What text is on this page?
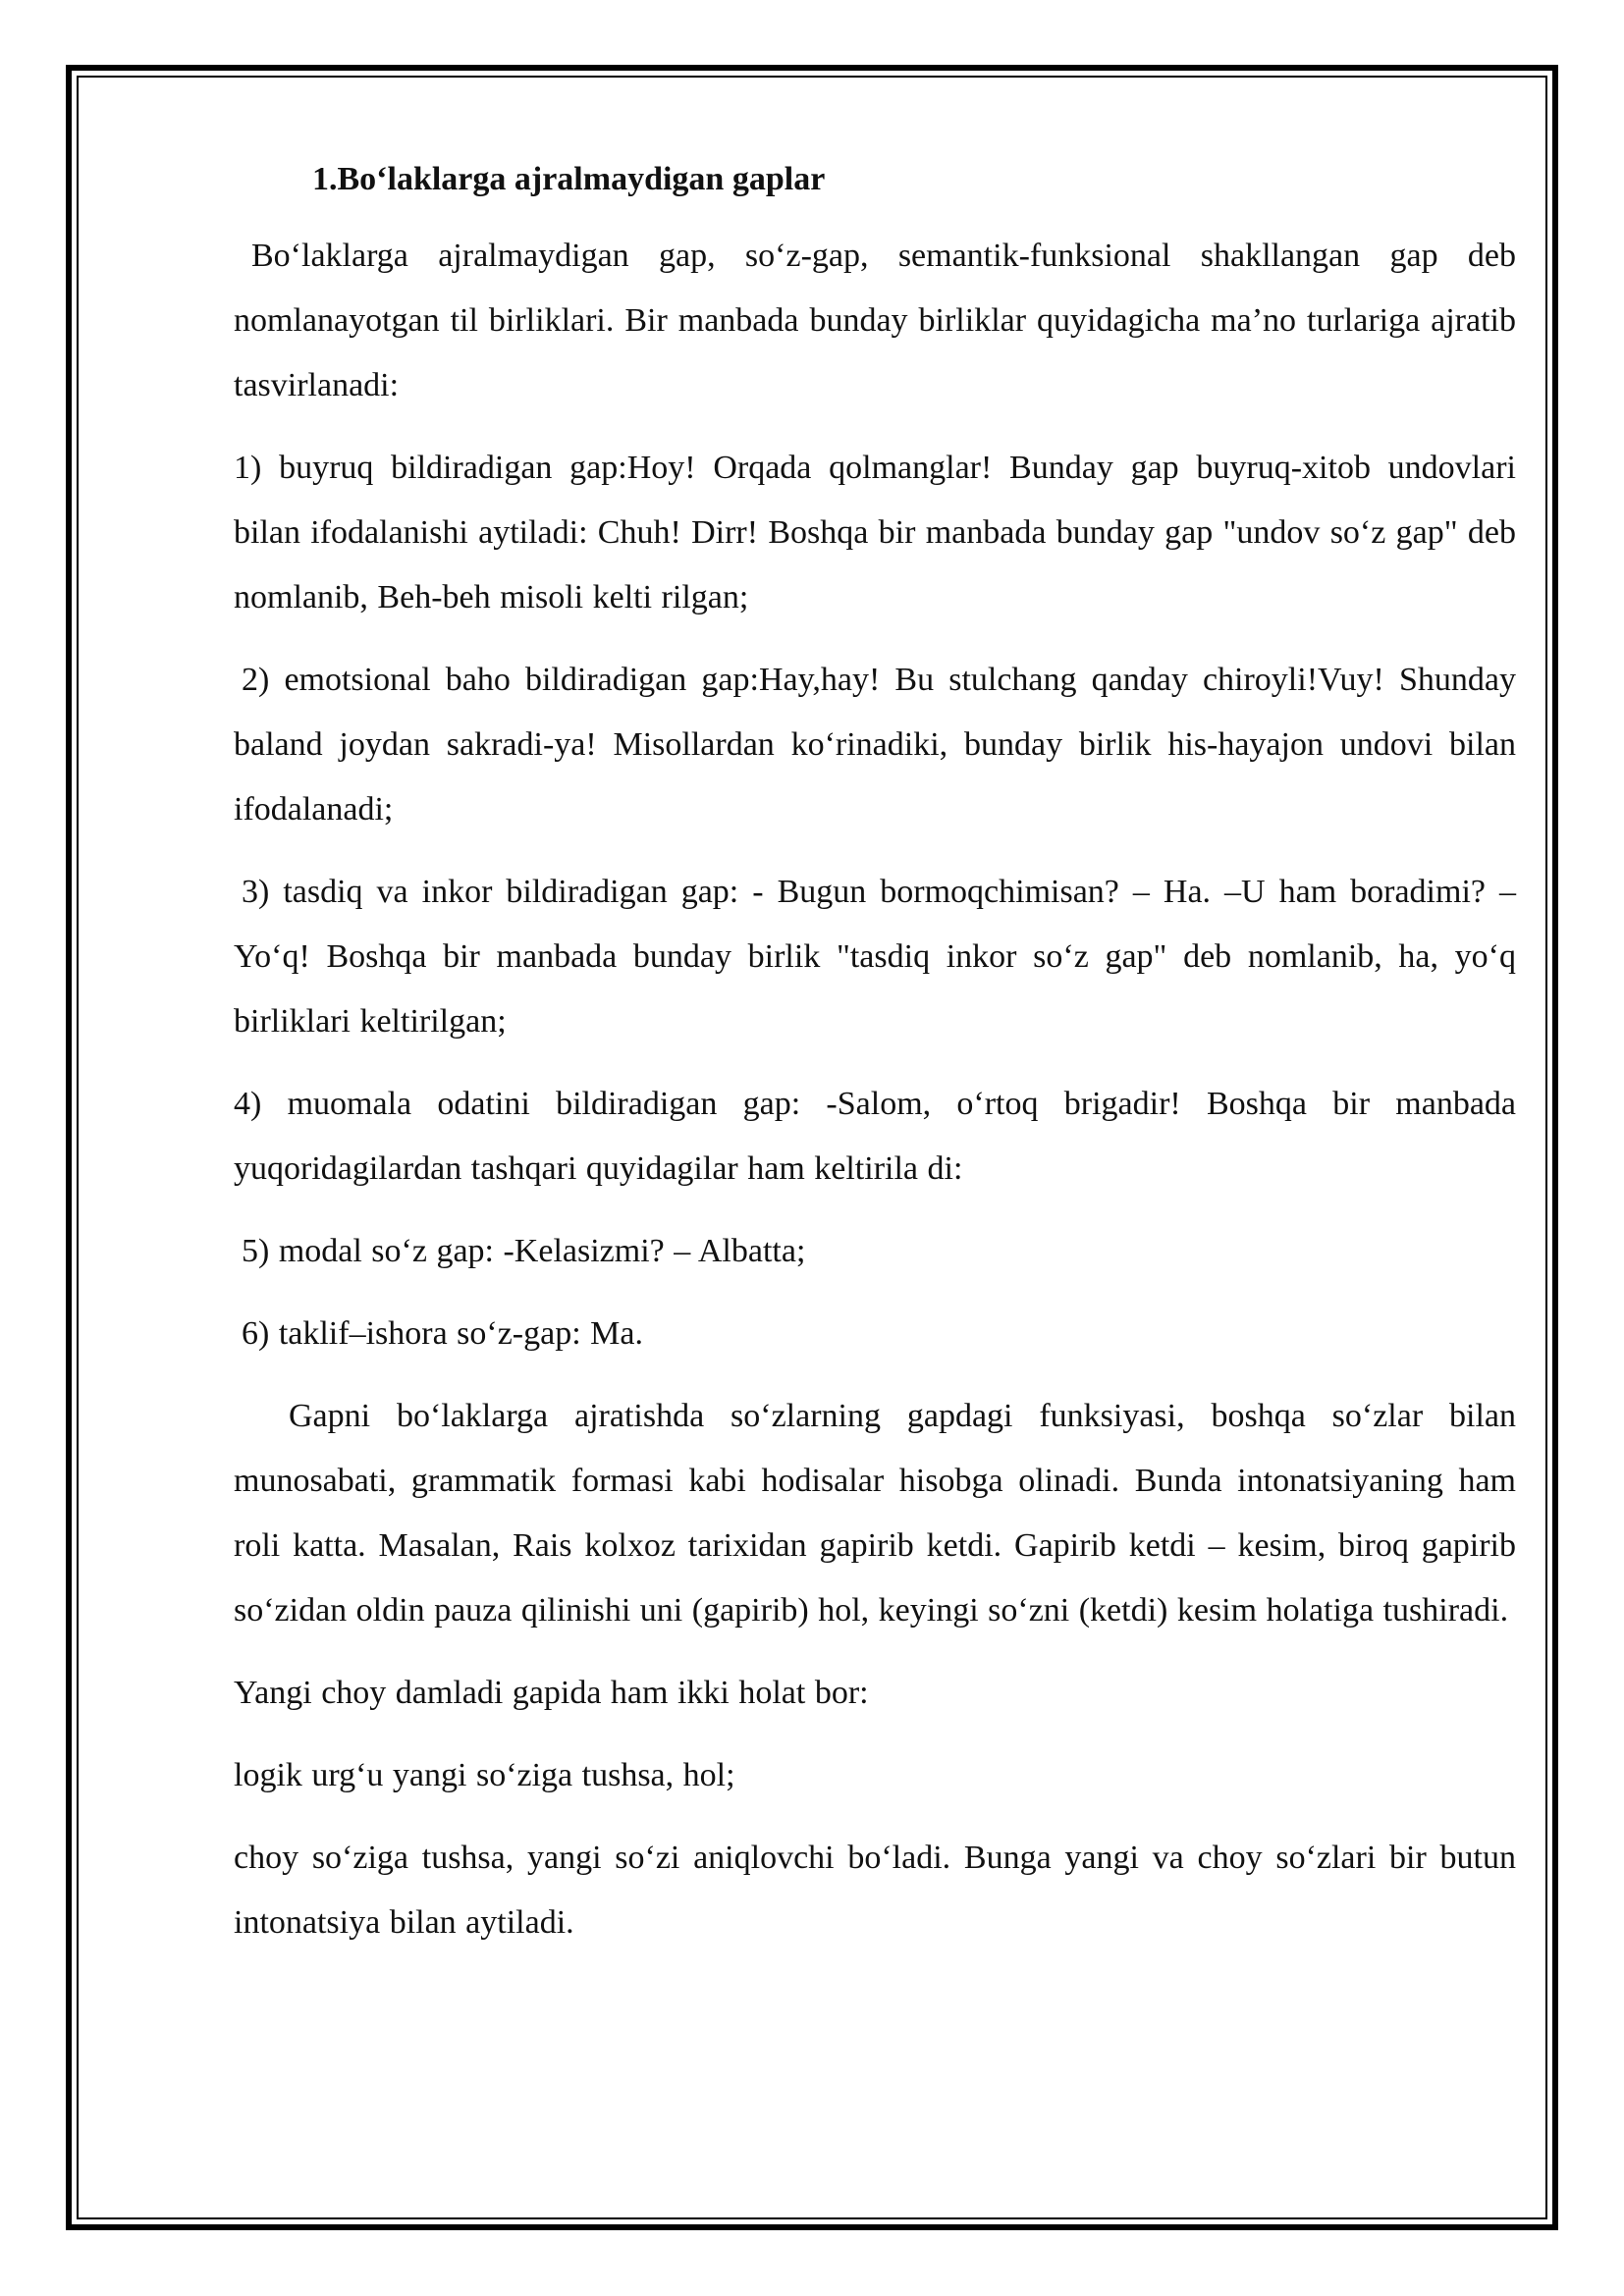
1.Bo‘laklarga ajralmaydigan gaplar

Bo‘laklarga ajralmaydigan gap, so‘z-gap, semantik-funksional shakllangan gap deb nomlanayotgan til birliklari. Bir manbada bunday birliklar quyidagicha ma’no turlariga ajratib tasvirlanadi:

1) buyruq bildiradigan gap:Hoy! Orqada qolmanglar! Bunday gap buyruq-xitob undovlari bilan ifodalanishi aytiladi: Chuh! Dirr! Boshqa bir manbada bunday gap "undov so‘z gap" deb nomlanib, Beh-beh misoli kelti rilgan;

2) emotsional baho bildiradigan gap:Hay,hay! Bu stulchang qanday chiroyli!Vuy! Shunday baland joydan sakradi-ya! Misollardan ko‘rinadiki, bunday birlik his-hayajon undovi bilan ifodalanadi;

3) tasdiq va inkor bildiradigan gap: - Bugun bormoqchimisan? – Ha. –U ham boradimi? – Yo‘q! Boshqa bir manbada bunday birlik "tasdiq inkor so‘z gap" deb nomlanib, ha, yo‘q birliklari keltirilgan;

4) muomala odatini bildiradigan gap: -Salom, o‘rtoq brigadir! Boshqa bir manbada yuqoridagilardan tashqari quyidagilar ham keltirila di:

5) modal so‘z gap: -Kelasizmi? – Albatta;

6) taklif‒ishora so‘z-gap: Ma.

Gapni bo‘laklarga ajratishda so‘zlarning gapdagi funksiyasi, boshqa so‘zlar bilan munosabati, grammatik formasi kabi hodisalar hisobga olinadi. Bunda intonatsiyaning ham roli katta. Masalan, Rais kolxoz tarixidan gapirib ketdi. Gapirib ketdi – kesim, biroq gapirib so‘zidan oldin pauza qilinishi uni (gapirib) hol, keyingi so‘zni (ketdi) kesim holatiga tushiradi.

Yangi choy damladi gapida ham ikki holat bor:

logik urg‘u yangi so‘ziga tushsa, hol;

choy so‘ziga tushsa, yangi so‘zi aniqlovchi bo‘ladi. Bunga yangi va choy so‘zlari bir butun intonatsiya bilan aytiladi.
